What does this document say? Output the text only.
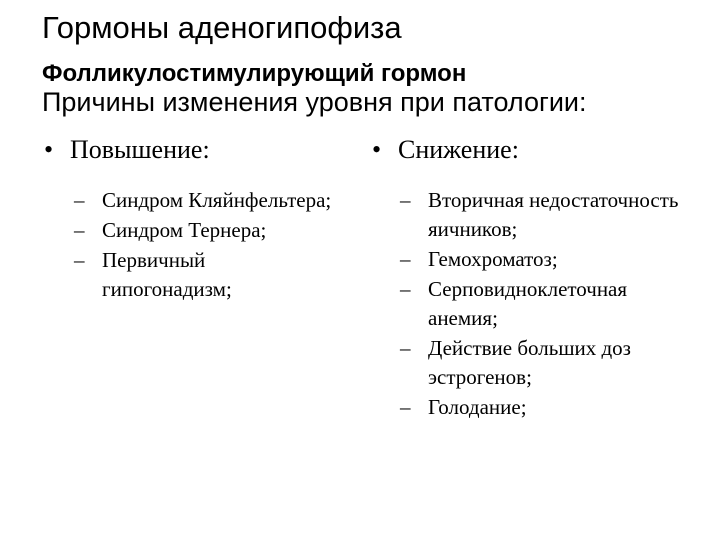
Гормоны аденогипофиза
Фолликулостимулирующий гормон
Причины изменения уровня при патологии:
• Повышение:
– Синдром Кляйнфельтера;
– Синдром Тернера;
– Первичный гипогонадизм;
• Снижение:
– Вторичная недостаточность яичников;
– Гемохроматоз;
– Серповидноклеточная анемия;
– Действие больших доз эстрогенов;
– Голодание;
